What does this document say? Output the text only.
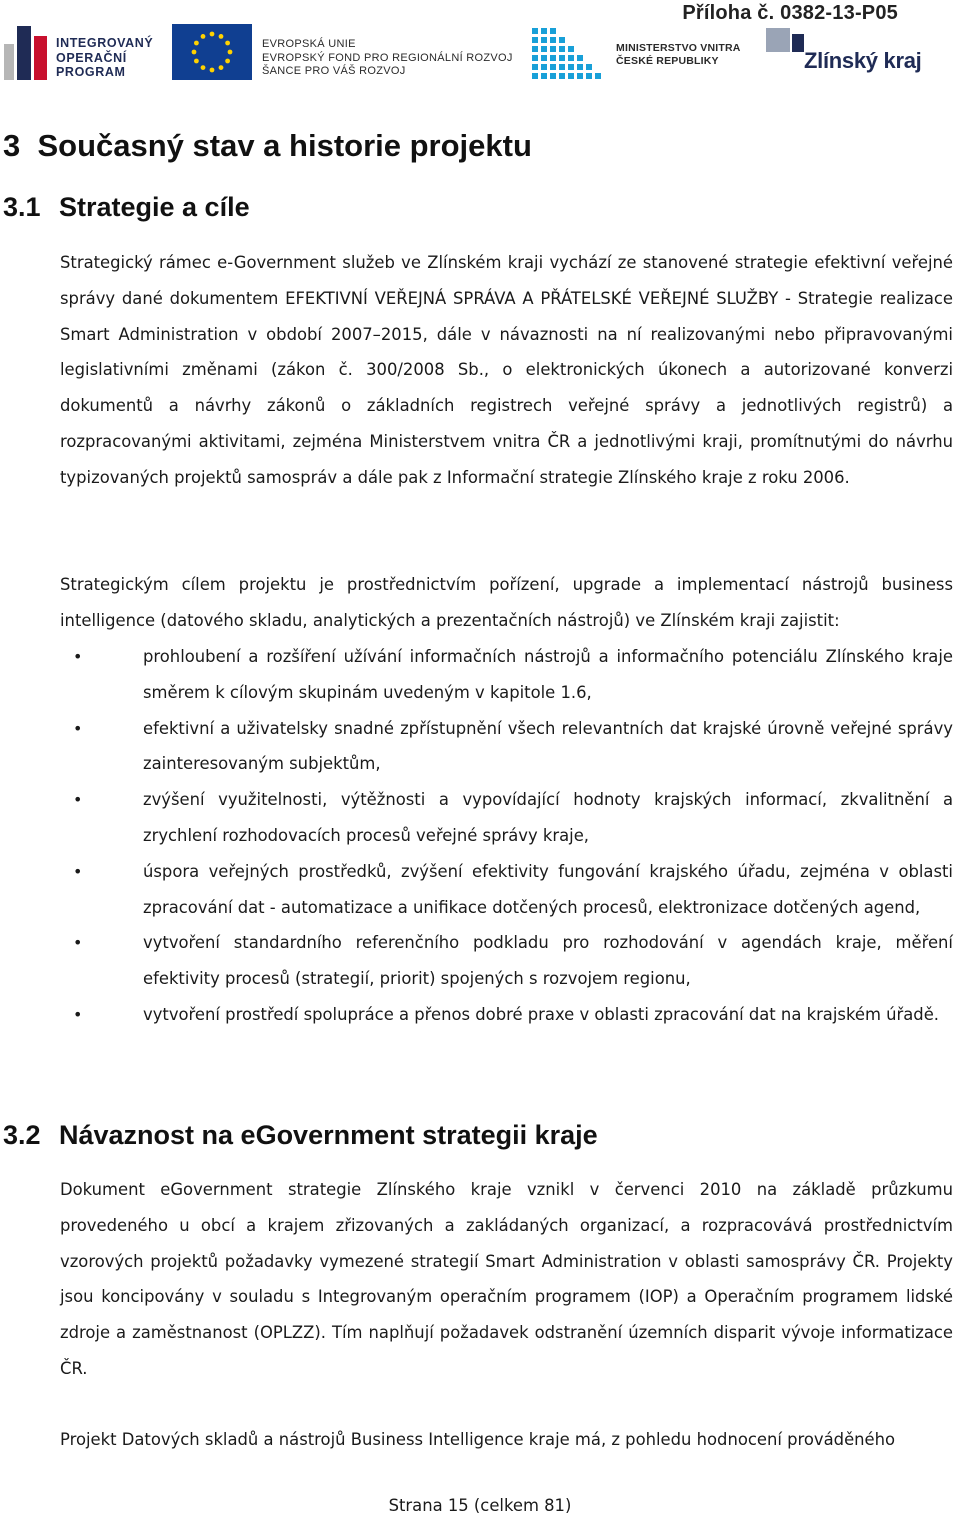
Příloha č. 0382-13-P05
INTEGROVANÝ
OPERAČNÍ
PROGRAM
EVROPSKÁ UNIE
EVROPSKÝ FOND PRO REGIONÁLNÍ ROZVOJ
ŠANCE PRO VÁŠ ROZVOJ
MINISTERSTVO VNITRA
ČESKÉ REPUBLIKY	Zlínský kraj
3  Současný stav a historie projektu
3.1 Strategie a cíle

Strategický rámec e-Government služeb ve Zlínském kraji vychází ze stanovené strategie efektivní veřejné správy dané dokumentem EFEKTIVNÍ VEŘEJNÁ SPRÁVA A PŘÁTELSKÉ VEŘEJNÉ SLUŽBY - Strategie realizace Smart Administration v období 2007–2015, dále v návaznosti na ní realizovanými nebo připravovanými legislativními změnami (zákon č. 300/2008 Sb., o elektronických úkonech a autorizované konverzi dokumentů a návrhy zákonů o základních registrech veřejné správy a jednotlivých registrů) a rozpracovanými aktivitami, zejména Ministerstvem vnitra ČR a jednotlivými kraji, promítnutými do návrhu typizovaných projektů samospráv a dále pak z Informační strategie Zlínského kraje z roku 2006.

Strategickým cílem projektu je prostřednictvím pořízení, upgrade a implementací nástrojů business intelligence (datového skladu, analytických a prezentačních nástrojů) ve Zlínském kraji zajistit:

•	prohloubení a rozšíření užívání informačních nástrojů a informačního potenciálu Zlínského kraje směrem k cílovým skupinám uvedeným v kapitole 1.6,
•	efektivní a uživatelsky snadné zpřístupnění všech relevantních dat krajské úrovně veřejné správy zainteresovaným subjektům,
•	zvýšení využitelnosti, výtěžnosti a vypovídající hodnoty krajských informací, zkvalitnění a zrychlení rozhodovacích procesů veřejné správy kraje,
•	úspora veřejných prostředků, zvýšení efektivity fungování krajského úřadu, zejména v oblasti zpracování dat - automatizace a unifikace dotčených procesů, elektronizace dotčených agend,
•	vytvoření standardního referenčního podkladu pro rozhodování v agendách kraje, měření efektivity procesů (strategií, priorit) spojených s rozvojem regionu,
•	vytvoření prostředí spolupráce a přenos dobré praxe v oblasti zpracování dat na krajském úřadě.
3.2 Návaznost na eGovernment strategii kraje

Dokument eGovernment strategie Zlínského kraje vznikl v červenci 2010 na základě průzkumu provedeného u obcí a krajem zřizovaných a zakládaných organizací, a rozpracovává prostřednictvím vzorových projektů požadavky vymezené strategií Smart Administration v oblasti samosprávy ČR. Projekty jsou koncipovány v souladu s Integrovaným operačním programem (IOP) a Operačním programem lidské zdroje a zaměstnanost (OPLZZ). Tím naplňují požadavek odstranění územních disparit vývoje informatizace ČR.

Projekt Datových skladů a nástrojů Business Intelligence kraje má, z pohledu hodnocení prováděného

Strana 15 (celkem 81)
